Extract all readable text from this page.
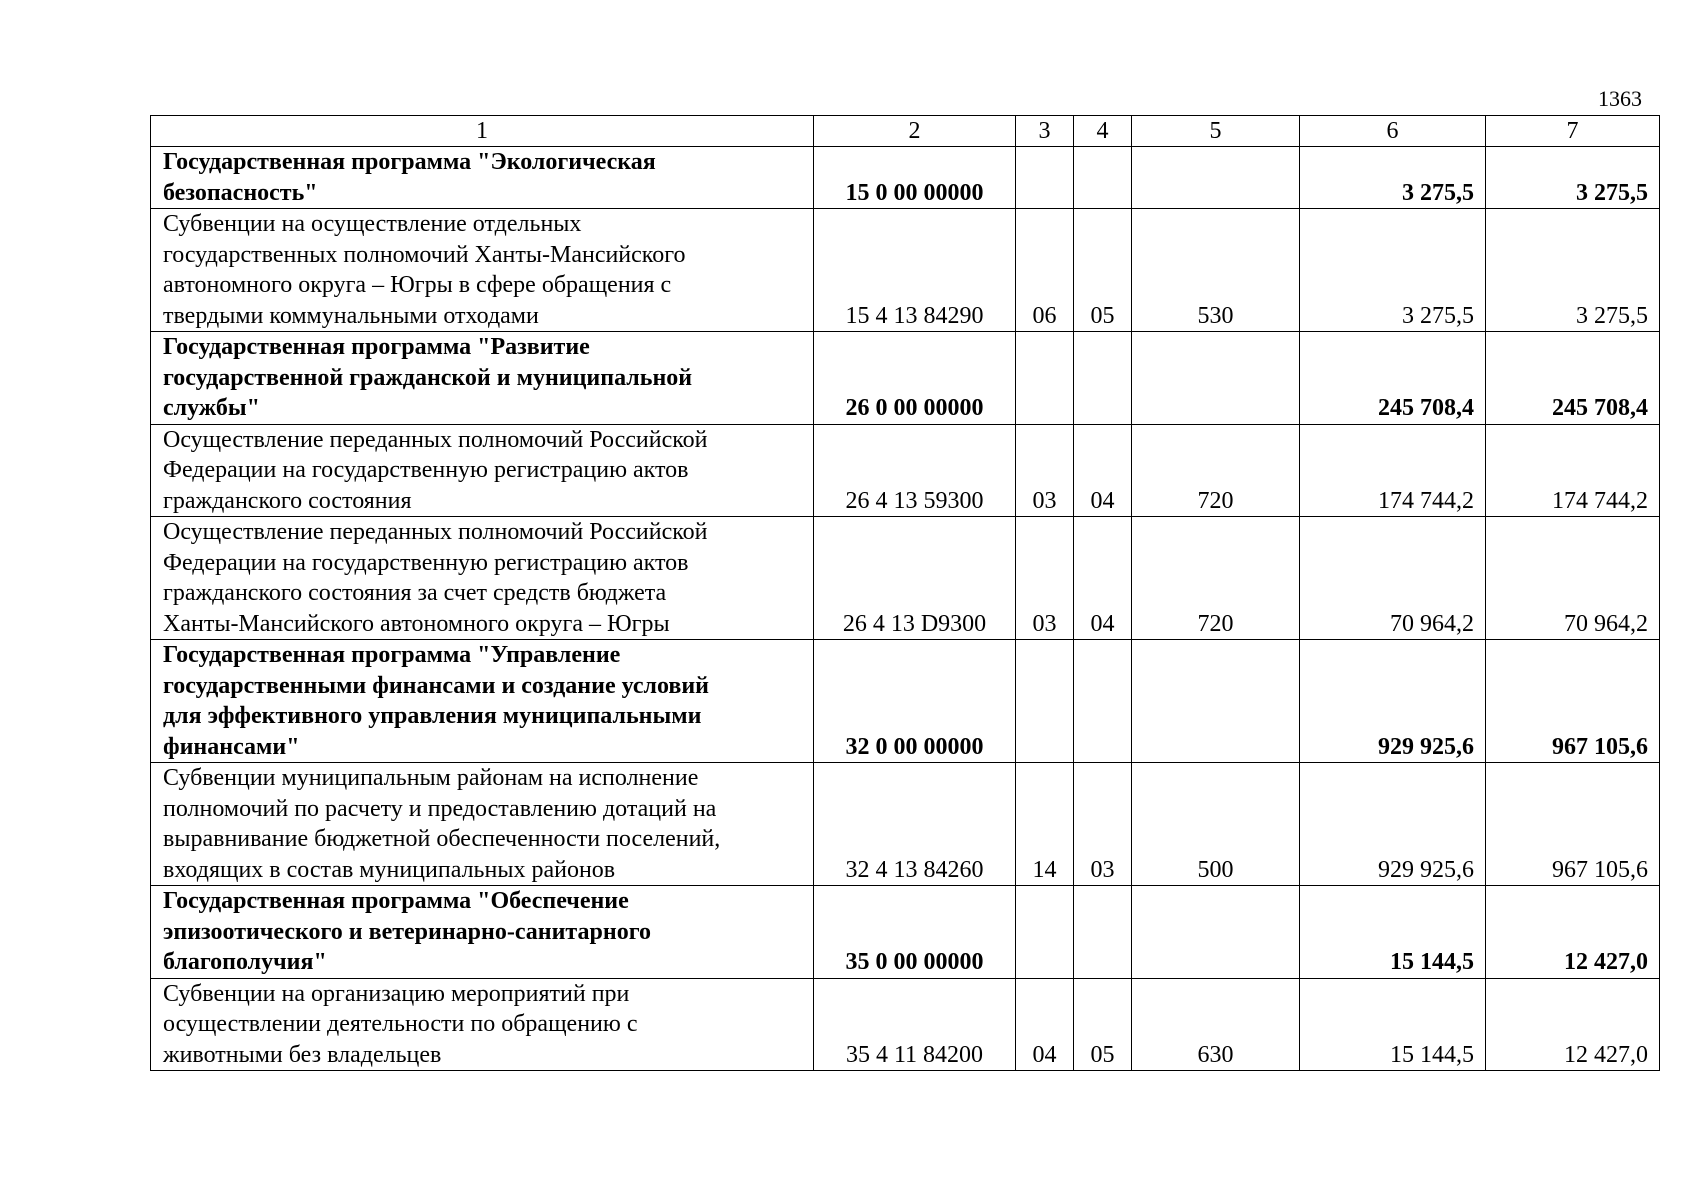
1363
1	2	3	4	5	6	7

Государственная программа "Экологическая
безопасность"	15 0 00 00000				3 275,5	3 275,5

Субвенции на осуществление отдельных
государственных полномочий Ханты-Мансийского
автономного округа – Югры в сфере обращения с
твердыми коммунальными отходами	15 4 13 84290	06	05	530	3 275,5	3 275,5

Государственная программа "Развитие
государственной гражданской и муниципальной
службы"	26 0 00 00000				245 708,4	245 708,4

Осуществление переданных полномочий Российской
Федерации на государственную регистрацию актов
гражданского состояния	26 4 13 59300	03	04	720	174 744,2	174 744,2

Осуществление переданных полномочий Российской
Федерации на государственную регистрацию актов
гражданского состояния за счет средств бюджета
Ханты-Мансийского автономного округа – Югры	26 4 13 D9300	03	04	720	70 964,2	70 964,2

Государственная программа "Управление
государственными финансами и создание условий
для эффективного управления муниципальными
финансами"	32 0 00 00000				929 925,6	967 105,6

Субвенции муниципальным районам на исполнение
полномочий по расчету и предоставлению дотаций на
выравнивание бюджетной обеспеченности поселений,
входящих в состав муниципальных районов	32 4 13 84260	14	03	500	929 925,6	967 105,6

Государственная программа "Обеспечение
эпизоотического и ветеринарно-санитарного
благополучия"	35 0 00 00000				15 144,5	12 427,0

Субвенции на организацию мероприятий при
осуществлении деятельности по обращению с
животными без владельцев	35 4 11 84200	04	05	630	15 144,5	12 427,0
